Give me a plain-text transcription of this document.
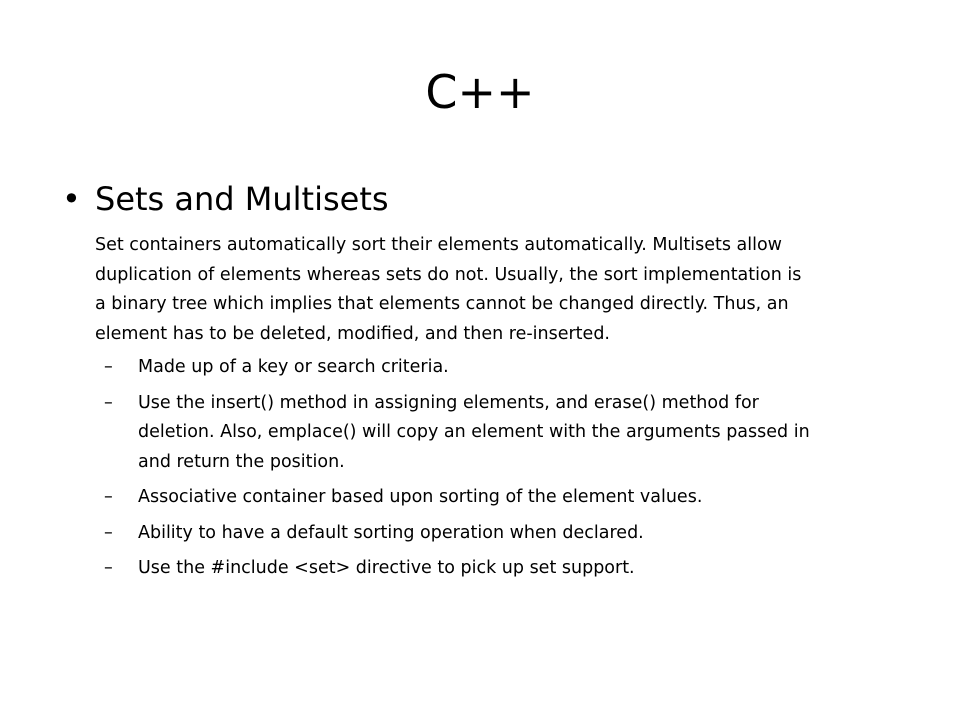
C++
• Sets and Multisets
Set containers automatically sort their elements automatically. Multisets allow
duplication of elements whereas sets do not. Usually, the sort implementation is
a binary tree which implies that elements cannot be changed directly. Thus, an
element has to be deleted, modified, and then re-inserted.
–	Made up of a key or search criteria.
–	Use the insert() method in assigning elements, and erase() method for
deletion. Also, emplace() will copy an element with the arguments passed in
and return the position.
–	Associative container based upon sorting of the element values.
–	Ability to have a default sorting operation when declared.
–	Use the #include <set> directive to pick up set support.
